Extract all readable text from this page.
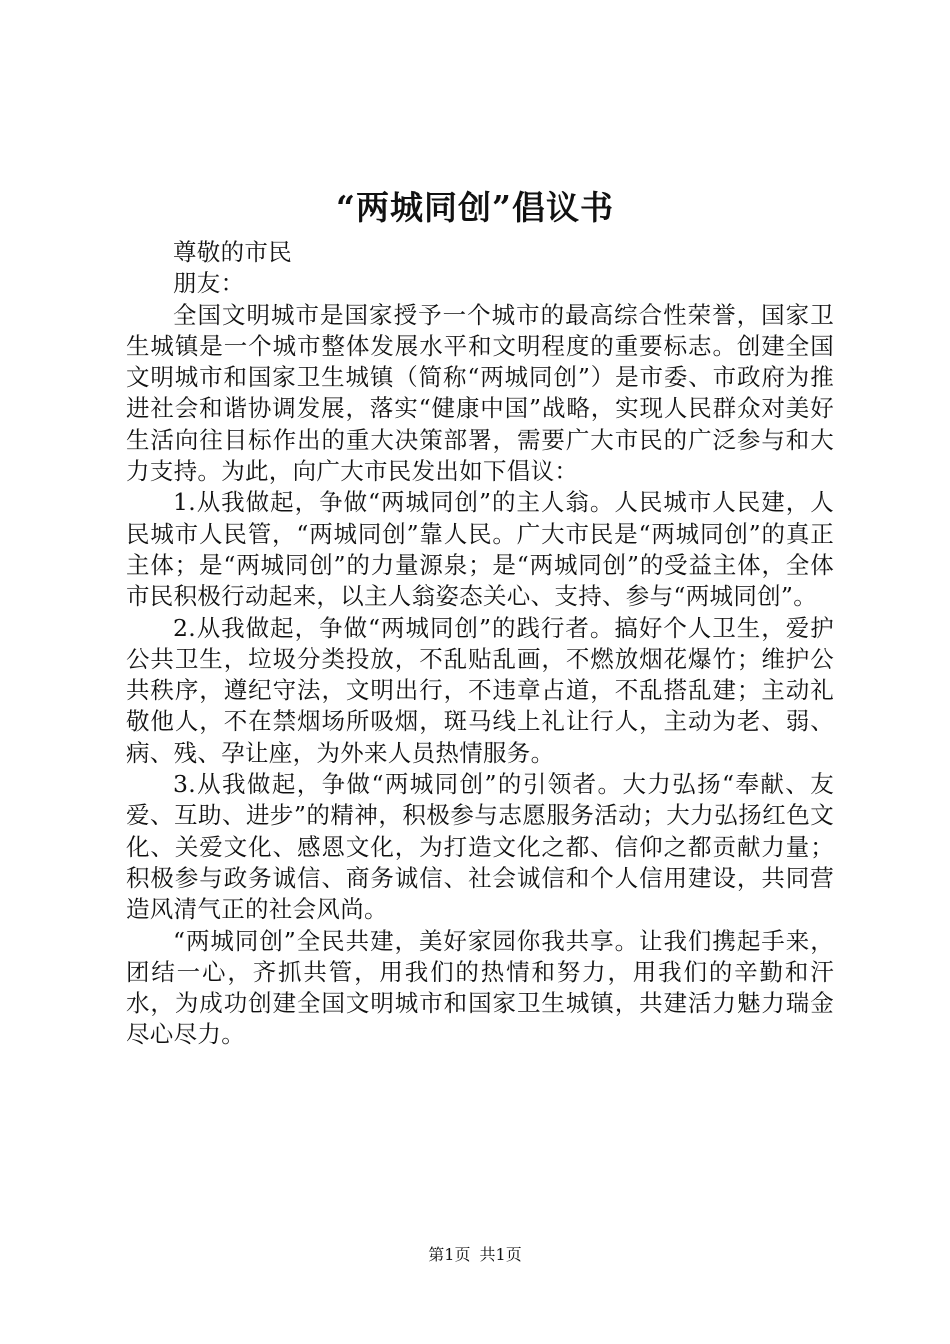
“两城同创”倡议书
尊敬的市民
朋友：

全国文明城市是国家授予一个城市的最高综合性荣誉，国家卫生城镇是一个城市整体发展水平和文明程度的重要标志。创建全国文明城市和国家卫生城镇（简称“两城同创”）是市委、市政府为推进社会和谐协调发展，落实“健康中国”战略，实现人民群众对美好生活向往目标作出的重大决策部署，需要广大市民的广泛参与和大力支持。为此，向广大市民发出如下倡议：

1.从我做起，争做“两城同创”的主人翁。人民城市人民建，人民城市人民管，“两城同创”靠人民。广大市民是“两城同创”的真正主体；是“两城同创”的力量源泉；是“两城同创”的受益主体，全体市民积极行动起来，以主人翁姿态关心、支持、参与“两城同创”。

2.从我做起，争做“两城同创”的践行者。搞好个人卫生，爱护公共卫生，垃圾分类投放，不乱贴乱画，不燃放烟花爆竹；维护公共秩序，遵纪守法，文明出行，不违章占道，不乱搭乱建；主动礼敬他人，不在禁烟场所吸烟，斑马线上礼让行人，主动为老、弱、病、残、孕让座，为外来人员热情服务。

3.从我做起，争做“两城同创”的引领者。大力弘扬“奉献、友爱、互助、进步”的精神，积极参与志愿服务活动；大力弘扬红色文化、关爱文化、感恩文化，为打造文化之都、信仰之都贡献力量；积极参与政务诚信、商务诚信、社会诚信和个人信用建设，共同营造风清气正的社会风尚。

“两城同创”全民共建，美好家园你我共享。让我们携起手来，团结一心，齐抓共管，用我们的热情和努力，用我们的辛勤和汗水，为成功创建全国文明城市和国家卫生城镇，共建活力魅力瑞金尽心尽力。

第1页 共1页
